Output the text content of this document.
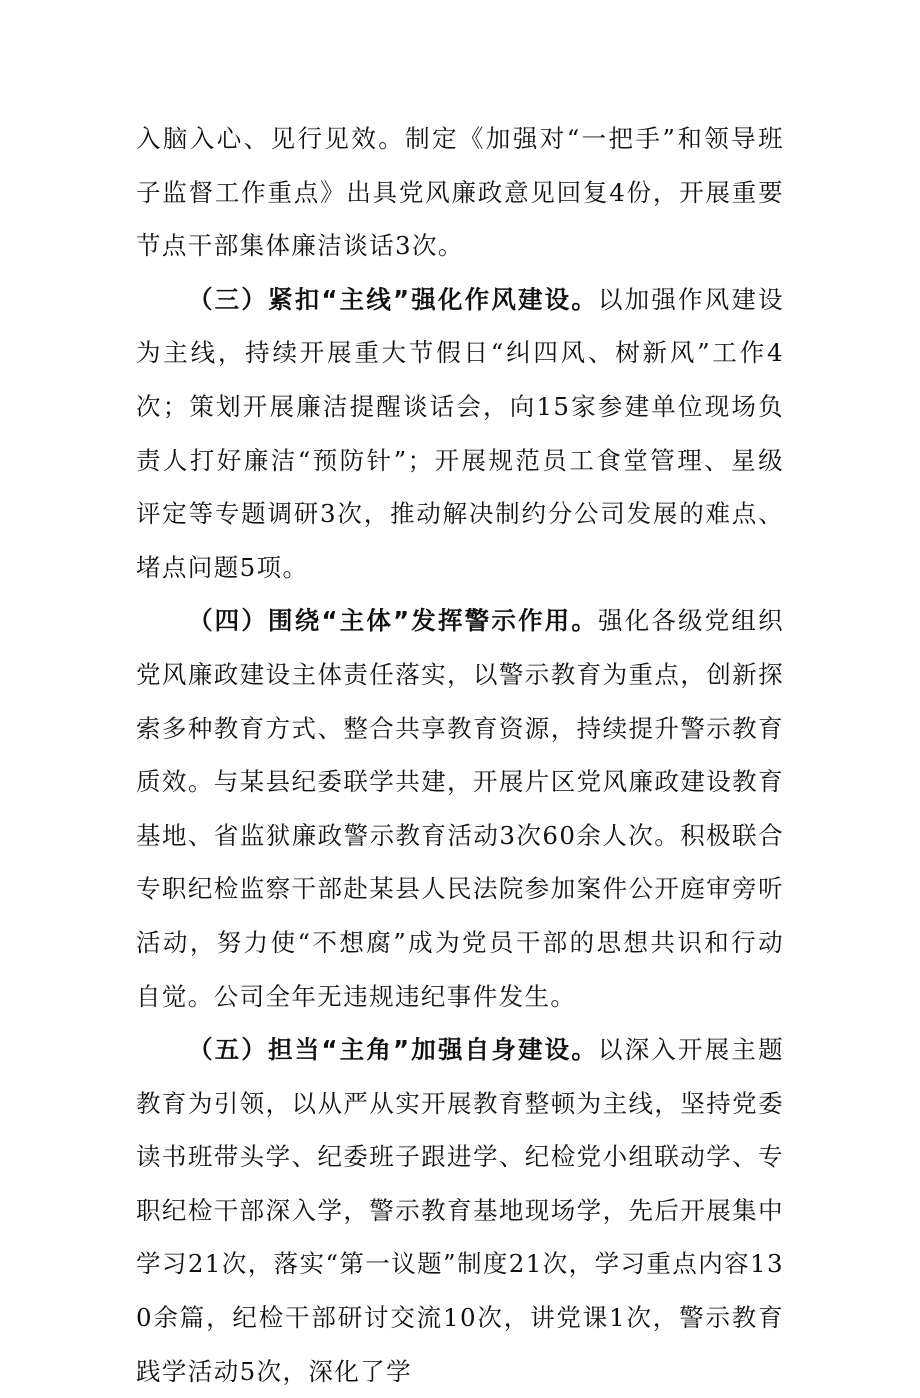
入脑入心、见行见效。制定《加强对“一把手”和领导班子监督工作重点》出具党风廉政意见回复4份，开展重要节点干部集体廉洁谈话3次。

（三）紧扣“主线”强化作风建设。以加强作风建设为主线，持续开展重大节假日“纠四风、树新风”工作4次；策划开展廉洁提醒谈话会，向15家参建单位现场负责人打好廉洁“预防针”；开展规范员工食堂管理、星级评定等专题调研3次，推动解决制约分公司发展的难点、堵点问题5项。

（四）围绕“主体”发挥警示作用。强化各级党组织党风廉政建设主体责任落实，以警示教育为重点，创新探索多种教育方式、整合共享教育资源，持续提升警示教育质效。与某县纪委联学共建，开展片区党风廉政建设教育基地、省监狱廉政警示教育活动3次60余人次。积极联合专职纪检监察干部赴某县人民法院参加案件公开庭审旁听活动，努力使“不想腐”成为党员干部的思想共识和行动自觉。公司全年无违规违纪事件发生。

（五）担当“主角”加强自身建设。以深入开展主题教育为引领，以从严从实开展教育整顿为主线，坚持党委读书班带头学、纪委班子跟进学、纪检党小组联动学、专职纪检干部深入学，警示教育基地现场学，先后开展集中学习21次，落实“第一议题”制度21次，学习重点内容130余篇，纪检干部研讨交流10次，讲党课1次，警示教育践学活动5次，深化了学
